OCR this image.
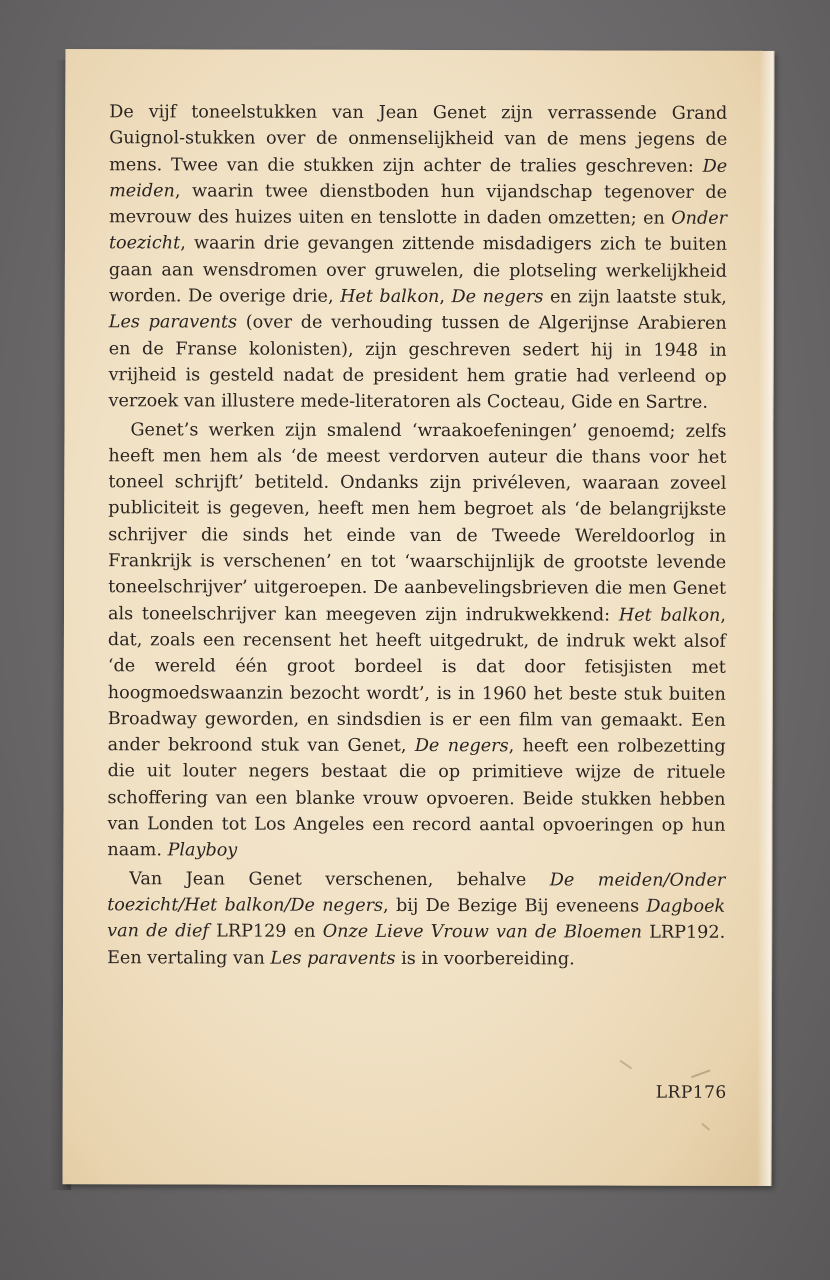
De vijf toneelstukken van Jean Genet zijn verrassende Grand Guignol-stukken over de onmenselijkheid van de mens jegens de mens. Twee van die stukken zijn achter de tralies geschreven: De meiden, waarin twee dienstboden hun vijandschap tegenover de mevrouw des huizes uiten en tenslotte in daden omzetten; en Onder toezicht, waarin drie gevangen zittende misdadigers zich te buiten gaan aan wensdromen over gruwelen, die plotseling werkelijkheid worden. De overige drie, Het balkon, De negers en zijn laatste stuk, Les paravents (over de verhouding tussen de Algerijnse Arabieren en de Franse kolonisten), zijn geschreven sedert hij in 1948 in vrijheid is gesteld nadat de president hem gratie had verleend op verzoek van illustere mede-literatoren als Cocteau, Gide en Sartre.

Genet’s werken zijn smalend ‘wraakoefeningen’ genoemd; zelfs heeft men hem als ‘de meest verdorven auteur die thans voor het toneel schrijft’ betiteld. Ondanks zijn privéleven, waaraan zoveel publiciteit is gegeven, heeft men hem begroet als ‘de belangrijkste schrijver die sinds het einde van de Tweede Wereldoorlog in Frankrijk is verschenen’ en tot ‘waarschijnlijk de grootste levende toneelschrijver’ uitgeroepen. De aanbevelingsbrieven die men Genet als toneelschrijver kan meegeven zijn indrukwekkend: Het balkon, dat, zoals een recensent het heeft uitgedrukt, de indruk wekt alsof ‘de wereld één groot bordeel is dat door fetisjisten met hoogmoedswaanzin bezocht wordt’, is in 1960 het beste stuk buiten Broadway geworden, en sindsdien is er een film van gemaakt. Een ander bekroond stuk van Genet, De negers, heeft een rolbezetting die uit louter negers bestaat die op primitieve wijze de rituele schoffering van een blanke vrouw opvoeren. Beide stukken hebben van Londen tot Los Angeles een record aantal opvoeringen op hun naam. Playboy

Van Jean Genet verschenen, behalve De meiden/Onder toezicht/Het balkon/De negers, bij De Bezige Bij eveneens Dagboek van de dief LRP129 en Onze Lieve Vrouw van de Bloemen LRP192. Een vertaling van Les paravents is in voorbereiding.

LRP176
